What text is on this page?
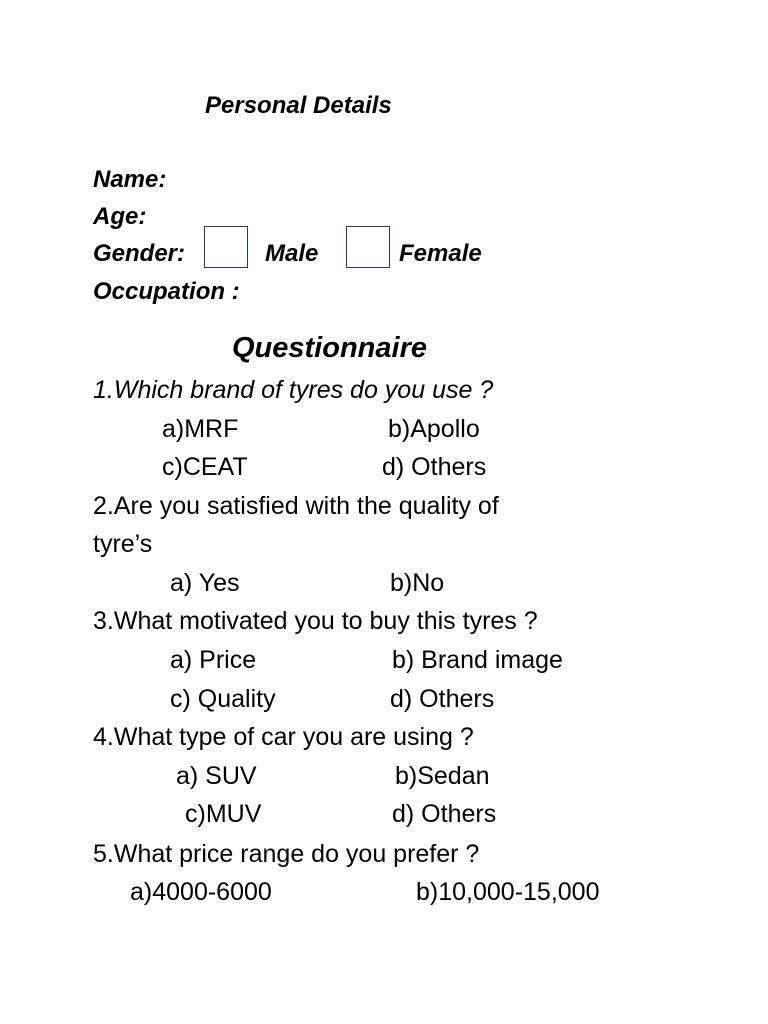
Personal Details
Name:
Age:
Gender:	Male	Female
Occupation :
Questionnaire
1.Which brand of tyres do you use ?
a)MRF	b)Apollo
c)CEAT	d) Others
2.Are you satisfied with the quality of
tyre’s
a) Yes	b)No
3.What motivated you to buy this tyres ?
a) Price	b) Brand image
c) Quality	d) Others
4.What type of car you are using ?
a) SUV	b)Sedan
c)MUV	d) Others
5.What price range do you prefer ?
a)4000-6000	b)10,000-15,000
